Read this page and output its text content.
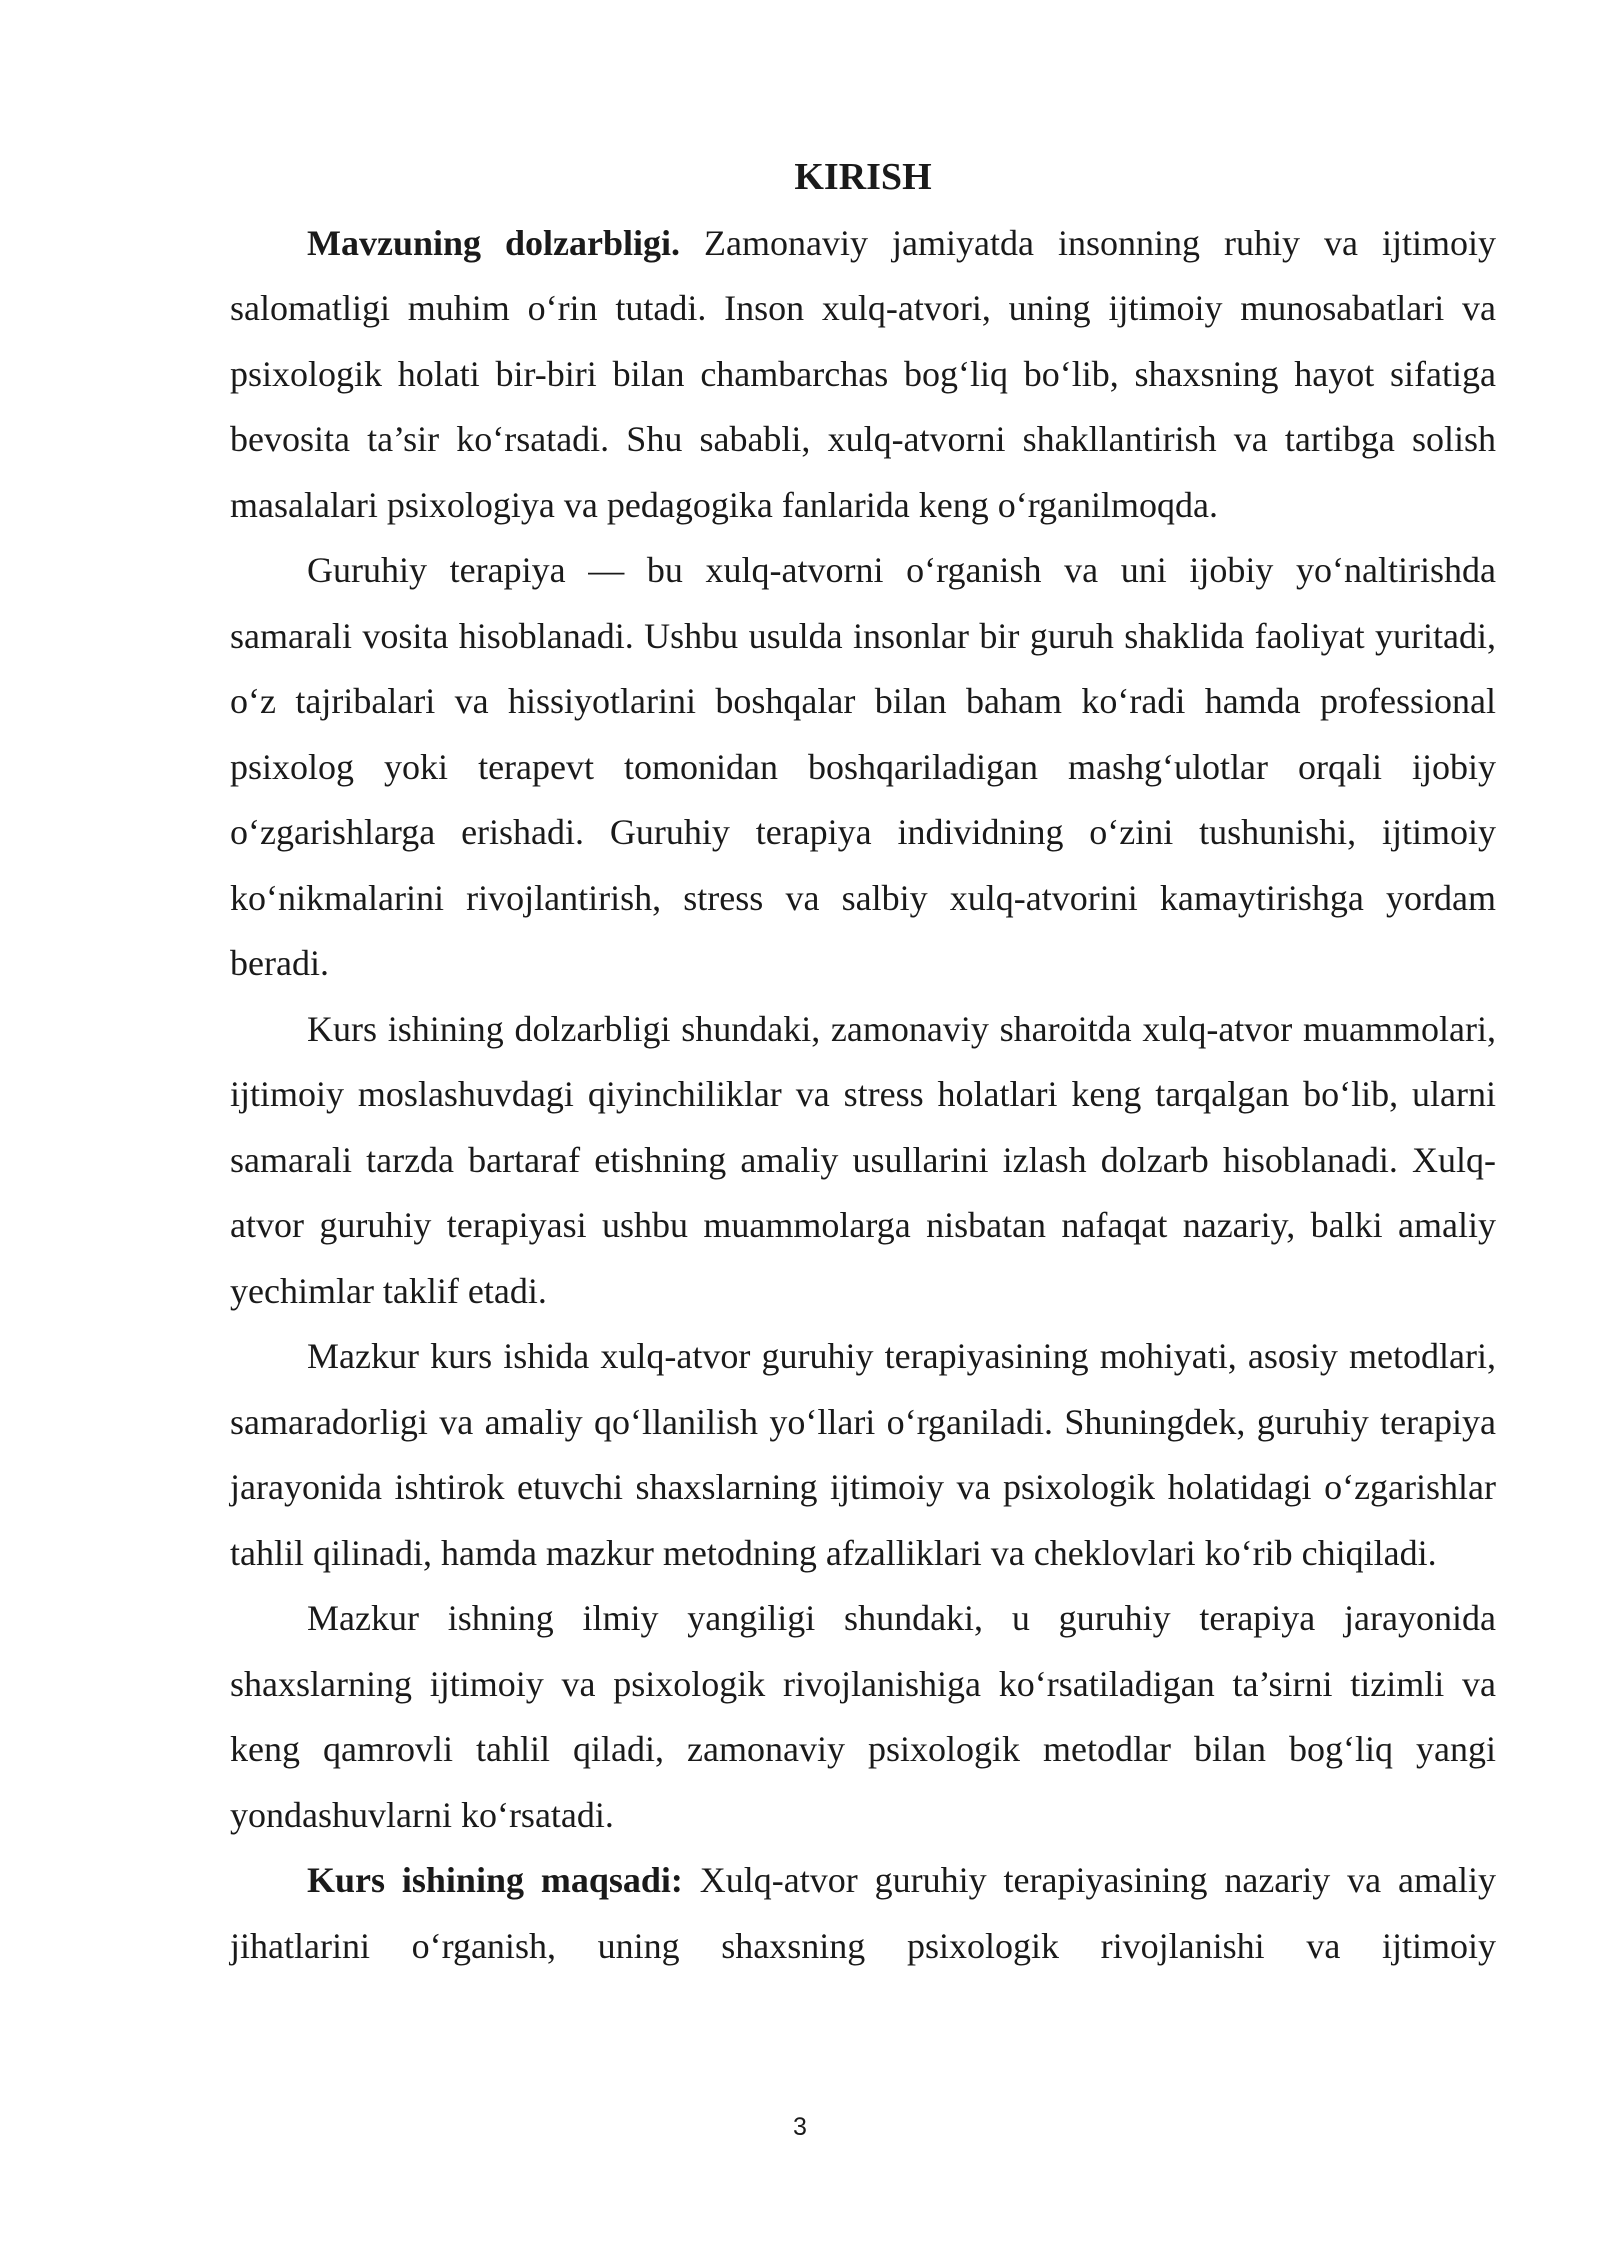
KIRISH

Mavzuning dolzarbligi. Zamonaviy jamiyatda insonning ruhiy va ijtimoiy salomatligi muhim o‘rin tutadi. Inson xulq-atvori, uning ijtimoiy munosabatlari va psixologik holati bir-biri bilan chambarchas bog‘liq bo‘lib, shaxsning hayot sifatiga bevosita ta’sir ko‘rsatadi. Shu sababli, xulq-atvorni shakllantirish va tartibga solish masalalari psixologiya va pedagogika fanlarida keng o‘rganilmoqda.

Guruhiy terapiya — bu xulq-atvorni o‘rganish va uni ijobiy yo‘naltirishda samarali vosita hisoblanadi. Ushbu usulda insonlar bir guruh shaklida faoliyat yuritadi, o‘z tajribalari va hissiyotlarini boshqalar bilan baham ko‘radi hamda professional psixolog yoki terapevt tomonidan boshqariladigan mashg‘ulotlar orqali ijobiy o‘zgarishlarga erishadi. Guruhiy terapiya individning o‘zini tushunishi, ijtimoiy ko‘nikmalarini rivojlantirish, stress va salbiy xulq-atvorini kamaytirishga yordam beradi.

Kurs ishining dolzarbligi shundaki, zamonaviy sharoitda xulq-atvor muammolari, ijtimoiy moslashuvdagi qiyinchiliklar va stress holatlari keng tarqalgan bo‘lib, ularni samarali tarzda bartaraf etishning amaliy usullarini izlash dolzarb hisoblanadi. Xulq-atvor guruhiy terapiyasi ushbu muammolarga nisbatan nafaqat nazariy, balki amaliy yechimlar taklif etadi.

Mazkur kurs ishida xulq-atvor guruhiy terapiyasining mohiyati, asosiy metodlari, samaradorligi va amaliy qo‘llanilish yo‘llari o‘rganiladi. Shuningdek, guruhiy terapiya jarayonida ishtirok etuvchi shaxslarning ijtimoiy va psixologik holatidagi o‘zgarishlar tahlil qilinadi, hamda mazkur metodning afzalliklari va cheklovlari ko‘rib chiqiladi.

Mazkur ishning ilmiy yangiligi shundaki, u guruhiy terapiya jarayonida shaxslarning ijtimoiy va psixologik rivojlanishiga ko‘rsatiladigan ta’sirni tizimli va keng qamrovli tahlil qiladi, zamonaviy psixologik metodlar bilan bog‘liq yangi yondashuvlarni ko‘rsatadi.

Kurs ishining maqsadi: Xulq-atvor guruhiy terapiyasining nazariy va amaliy jihatlarini o‘rganish, uning shaxsning psixologik rivojlanishi va ijtimoiy

3
